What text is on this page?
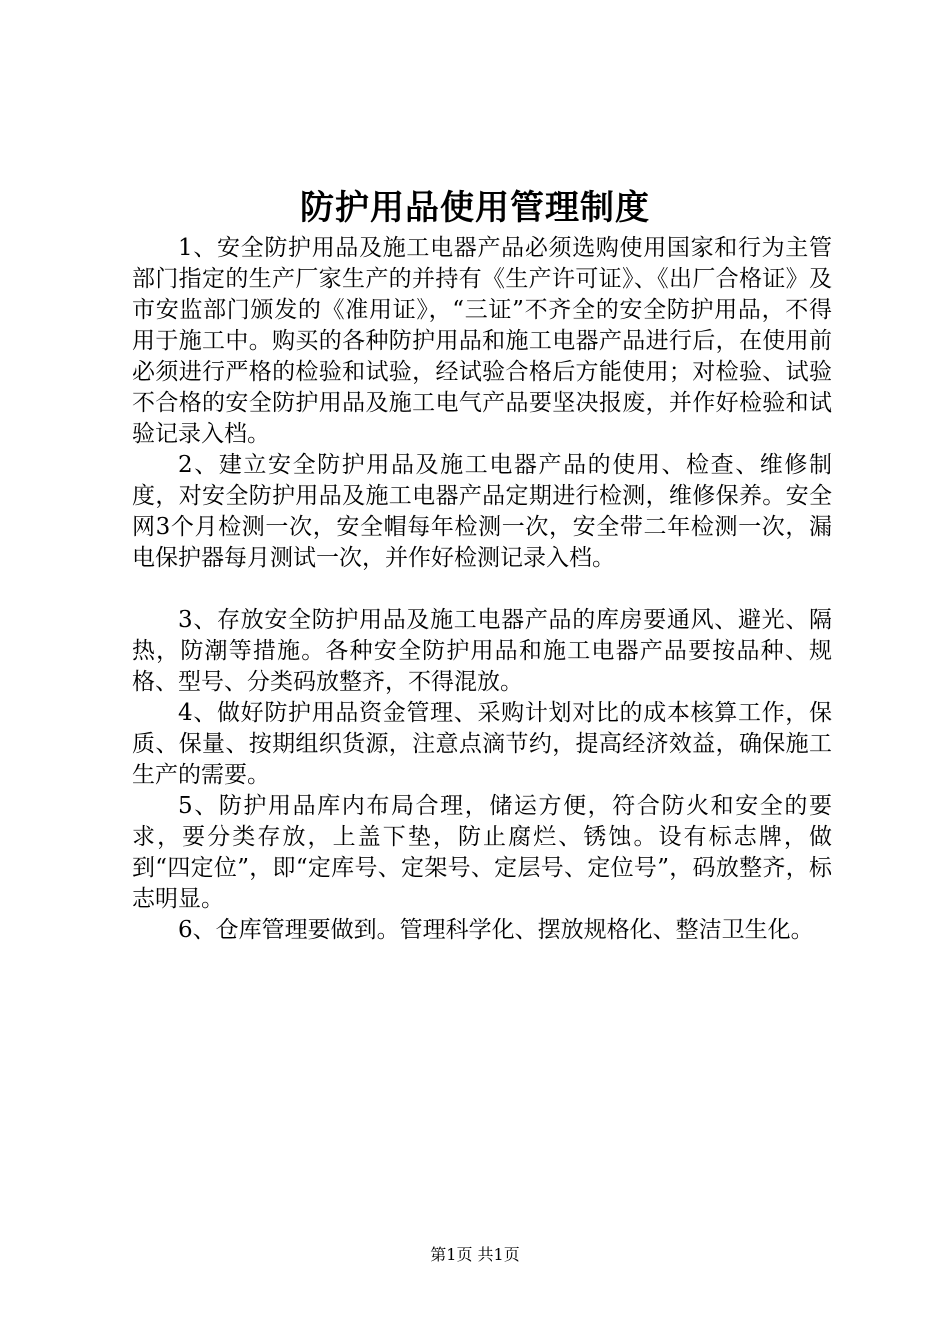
防护用品使用管理制度

1、安全防护用品及施工电器产品必须选购使用国家和行为主管部门指定的生产厂家生产的并持有《生产许可证》、《出厂合格证》及市安监部门颁发的《准用证》，“三证”不齐全的安全防护用品，不得用于施工中。购买的各种防护用品和施工电器产品进行后，在使用前必须进行严格的检验和试验，经试验合格后方能使用；对检验、试验不合格的安全防护用品及施工电气产品要坚决报废，并作好检验和试验记录入档。

2、建立安全防护用品及施工电器产品的使用、检查、维修制度，对安全防护用品及施工电器产品定期进行检测，维修保养。安全网3个月检测一次，安全帽每年检测一次，安全带二年检测一次，漏电保护器每月测试一次，并作好检测记录入档。

3、存放安全防护用品及施工电器产品的库房要通风、避光、隔热，防潮等措施。各种安全防护用品和施工电器产品要按品种、规格、型号、分类码放整齐，不得混放。

4、做好防护用品资金管理、采购计划对比的成本核算工作，保质、保量、按期组织货源，注意点滴节约，提高经济效益，确保施工生产的需要。

5、防护用品库内布局合理，储运方便，符合防火和安全的要求，要分类存放，上盖下垫，防止腐烂、锈蚀。设有标志牌，做到“四定位”，即“定库号、定架号、定层号、定位号”，码放整齐，标志明显。

6、仓库管理要做到。管理科学化、摆放规格化、整洁卫生化。

第1页 共1页
